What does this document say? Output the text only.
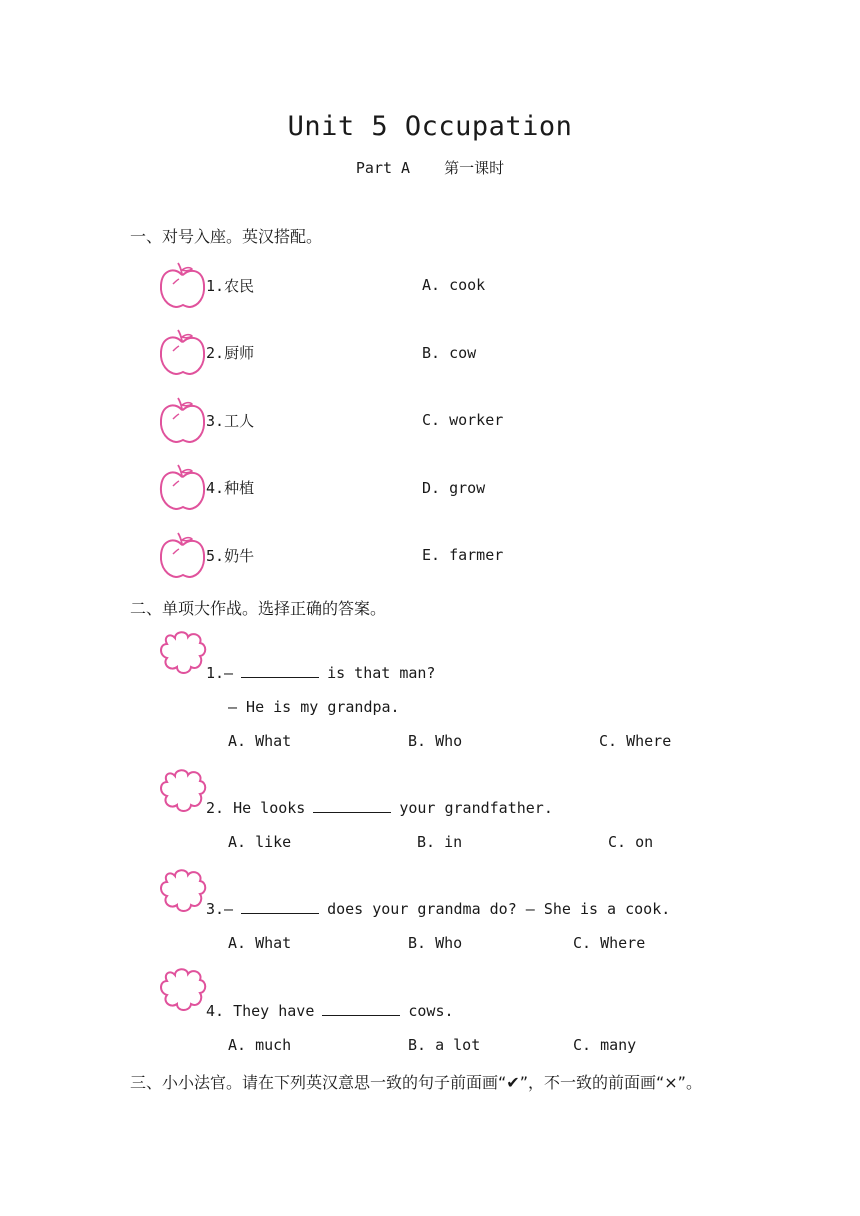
Unit 5 Occupation
Part A 第一课时
一、对号入座。英汉搭配。
1.农民	A. cook
2.厨师	B. cow
3.工人	C. worker
4.种植	D. grow
5.奶牛	E. farmer
二、单项大作战。选择正确的答案。
1.—	is that man?
— He is my grandpa.
A. What	B. Who	C. Where
2. He looks	your grandfather.
A. like	B. in	C. on
3.—	does your grandma do? — She is a cook.
A. What	B. Who	C. Where
4. They have	cows.
A. much	B. a lot	C. many
三、小小法官。请在下列英汉意思一致的句子前面画“✔”，不一致的前面画“×”。
